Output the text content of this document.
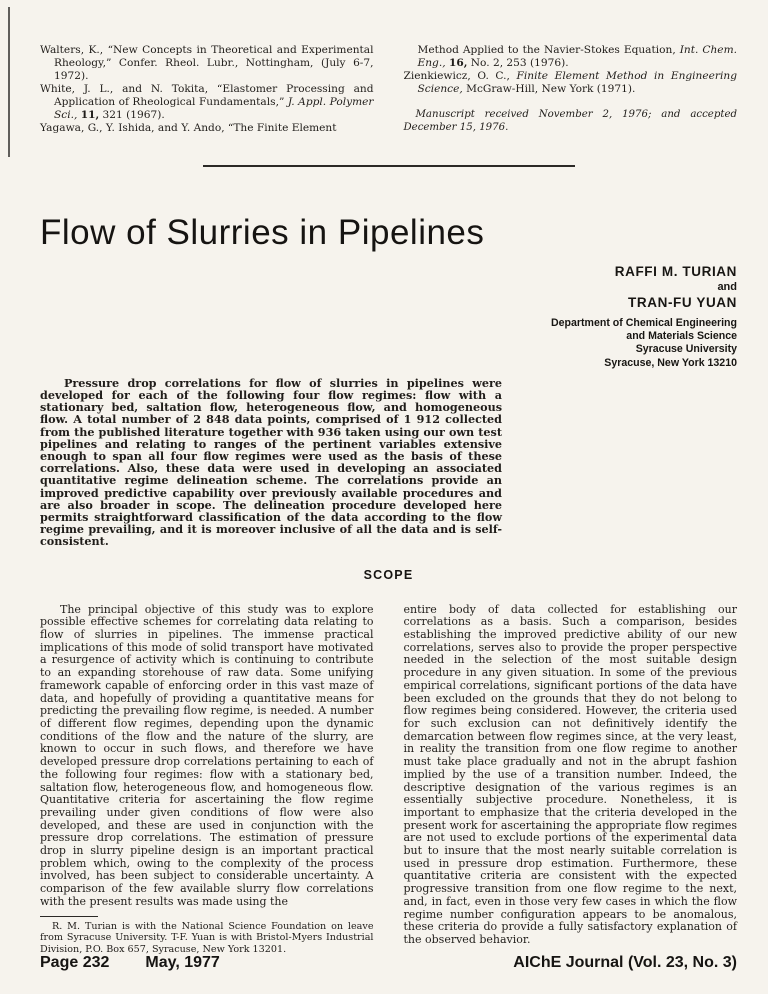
Walters, K., “New Concepts in Theoretical and Experimental Rheology,” Confer. Rheol. Lubr., Nottingham, (July 6-7, 1972).
White, J. L., and N. Tokita, “Elastomer Processing and Application of Rheological Fundamentals,” J. Appl. Polymer Sci., 11, 321 (1967).
Yagawa, G., Y. Ishida, and Y. Ando, “The Finite Element
Method Applied to the Navier-Stokes Equation, Int. Chem. Eng., 16, No. 2, 253 (1976).
Zienkiewicz, O. C., Finite Element Method in Engineering Science, McGraw-Hill, New York (1971).
Manuscript received November 2, 1976; and accepted December 15, 1976.
Flow of Slurries in Pipelines
RAFFI M. TURIAN
and
TRAN-FU YUAN
Department of Chemical Engineering
and Materials Science
Syracuse University
Syracuse, New York 13210
Pressure drop correlations for flow of slurries in pipelines were developed for each of the following four flow regimes: flow with a stationary bed, saltation flow, heterogeneous flow, and homogeneous flow. A total number of 2 848 data points, comprised of 1 912 collected from the published literature together with 936 taken using our own test pipelines and relating to ranges of the pertinent variables extensive enough to span all four flow regimes were used as the basis of these correlations. Also, these data were used in developing an associated quantitative regime delineation scheme. The correlations provide an improved predictive capability over previously available procedures and are also broader in scope. The delineation procedure developed here permits straightforward classification of the data according to the flow regime prevailing, and it is moreover inclusive of all the data and is self-consistent.
SCOPE
The principal objective of this study was to explore possible effective schemes for correlating data relating to flow of slurries in pipelines. The immense practical implications of this mode of solid transport have motivated a resurgence of activity which is continuing to contribute to an expanding storehouse of raw data. Some unifying framework capable of enforcing order in this vast maze of data, and hopefully of providing a quantitative means for predicting the prevailing flow regime, is needed. A number of different flow regimes, depending upon the dynamic conditions of the flow and the nature of the slurry, are known to occur in such flows, and therefore we have developed pressure drop correlations pertaining to each of the following four regimes: flow with a stationary bed, saltation flow, heterogeneous flow, and homogeneous flow. Quantitative criteria for ascertaining the flow regime prevailing under given conditions of flow were also developed, and these are used in conjunction with the pressure drop correlations. The estimation of pressure drop in slurry pipeline design is an important practical problem which, owing to the complexity of the process involved, has been subject to considerable uncertainty. A comparison of the few available slurry flow correlations with the present results was made using the
R. M. Turian is with the National Science Foundation on leave from Syracuse University. T-F. Yuan is with Bristol-Myers Industrial Division, P.O. Box 657, Syracuse, New York 13201.
entire body of data collected for establishing our correlations as a basis. Such a comparison, besides establishing the improved predictive ability of our new correlations, serves also to provide the proper perspective needed in the selection of the most suitable design procedure in any given situation. In some of the previous empirical correlations, significant portions of the data have been excluded on the grounds that they do not belong to flow regimes being considered. However, the criteria used for such exclusion can not definitively identify the demarcation between flow regimes since, at the very least, in reality the transition from one flow regime to another must take place gradually and not in the abrupt fashion implied by the use of a transition number. Indeed, the descriptive designation of the various regimes is an essentially subjective procedure. Nonetheless, it is important to emphasize that the criteria developed in the present work for ascertaining the appropriate flow regimes are not used to exclude portions of the experimental data but to insure that the most nearly suitable correlation is used in pressure drop estimation. Furthermore, these quantitative criteria are consistent with the expected progressive transition from one flow regime to the next, and, in fact, even in those very few cases in which the flow regime number configuration appears to be anomalous, these criteria do provide a fully satisfactory explanation of the observed behavior.
Page 232 May, 1977	AIChE Journal (Vol. 23, No. 3)
